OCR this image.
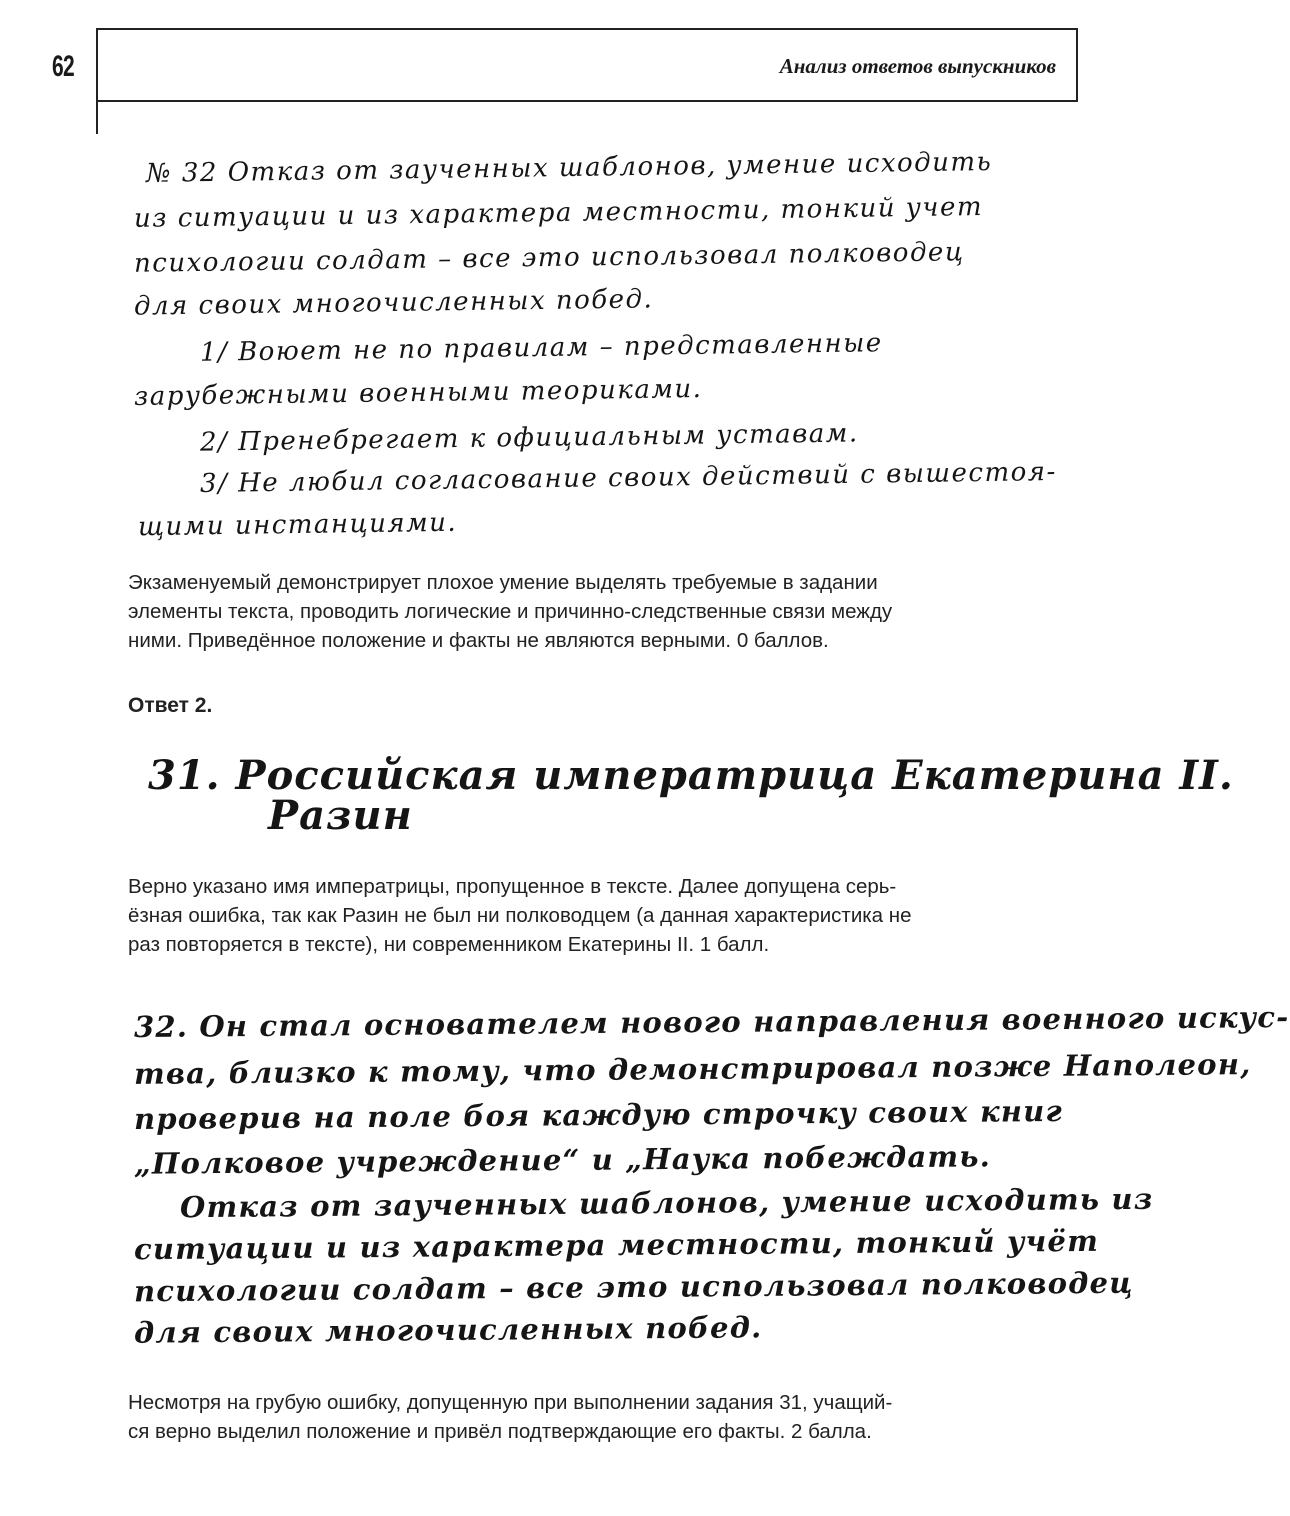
62	Анализ ответов выпускников
№ 32 Отказ от заученных шаблонов, умение исходить
из ситуации и из характера местности, тонкий учет
психологии солдат – все это использовал полководец
для своих многочисленных побед.
1/ Воюет не по правилам – представленные
зарубежными военными теориками.
2/ Пренебрегает к официальным уставам.
3/ Не любил согласование своих действий с вышестоя-
щими инстанциями.

Экзаменуемый демонстрирует плохое умение выделять требуемые в задании
элементы текста, проводить логические и причинно-следственные связи между
ними. Приведённое положение и факты не являются верными. 0 баллов.

Ответ 2.
31. Российская императрица Екатерина II.
Разин

Верно указано имя императрицы, пропущенное в тексте. Далее допущена серь-
ёзная ошибка, так как Разин не был ни полководцем (а данная характеристика не
раз повторяется в тексте), ни современником Екатерины II. 1 балл.

32. Он стал основателем нового направления военного искус-
тва, близко к тому, что демонстрировал позже Наполеон,
проверив на поле боя каждую строчку своих книг
„Полковое учреждение“ и „Наука побеждать.
Отказ от заученных шаблонов, умение исходить из
ситуации и из характера местности, тонкий учёт
психологии солдат – все это использовал полководец
для своих многочисленных побед.

Несмотря на грубую ошибку, допущенную при выполнении задания 31, учащий-
ся верно выделил положение и привёл подтверждающие его факты. 2 балла.
